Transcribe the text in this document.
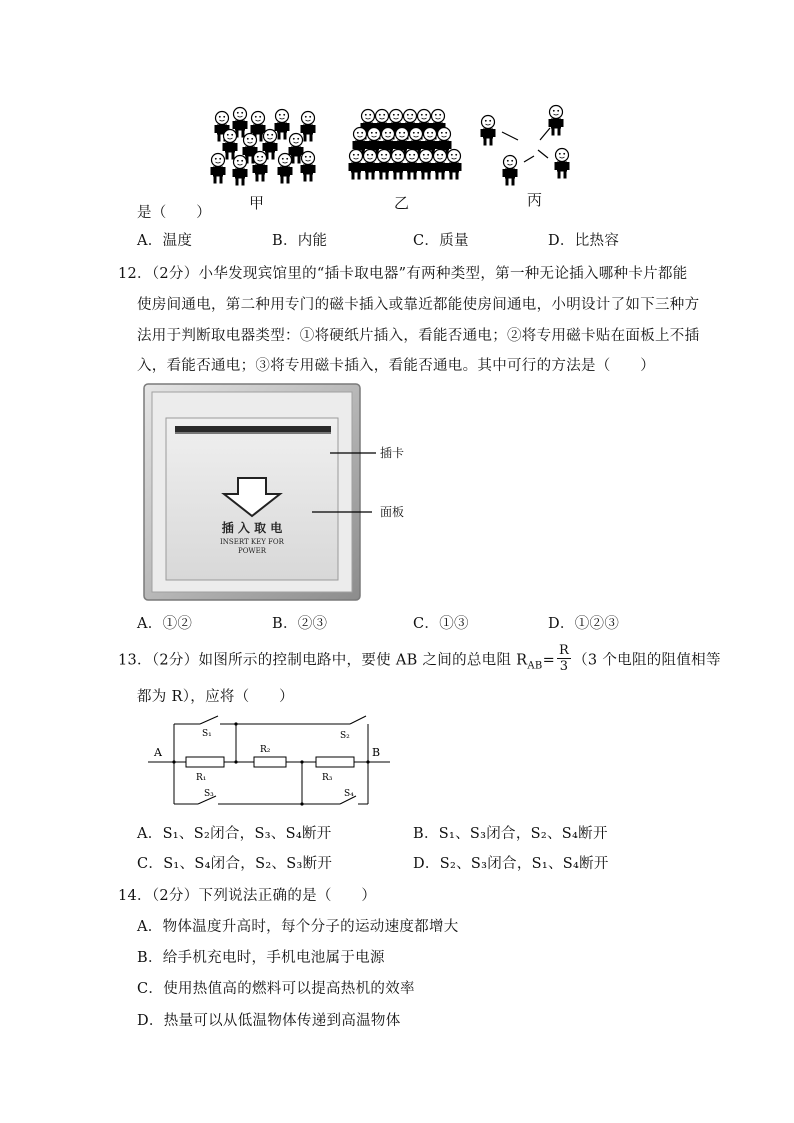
甲	乙	丙
是（　　）
A．温度	B．内能	C．质量	D．比热容
12．（2分）小华发现宾馆里的“插卡取电器”有两种类型，第一种无论插入哪种卡片都能
使房间通电，第二种用专门的磁卡插入或靠近都能使房间通电，小明设计了如下三种方
法用于判断取电器类型：①将硬纸片插入，看能否通电；②将专用磁卡贴在面板上不插
入，看能否通电；③将专用磁卡插入，看能否通电。其中可行的方法是（　　）
插 入 取 电
INSERT KEY FOR
POWER
插卡
面板
A．①②	B．②③	C．①③	D．①②③
13．（2分）如图所示的控制电路中，要使 AB 之间的总电阻 $R_{AB}= \frac{R}{3} (3$ 个电阻的阻值相等
都为 R），应将（　　）
A	B
S₁	S₂
S₃	S₄
R₁
R₂
R₃
A．S₁、S₂闭合，S₃、S₄断开	B．S₁、S₃闭合，S₂、S₄断开
C．S₁、S₄闭合，S₂、S₃断开	D．S₂、S₃闭合，S₁、S₄断开
14．（2分）下列说法正确的是（　　）
A．物体温度升高时，每个分子的运动速度都增大
B．给手机充电时，手机电池属于电源
C．使用热值高的燃料可以提高热机的效率
D．热量可以从低温物体传递到高温物体
